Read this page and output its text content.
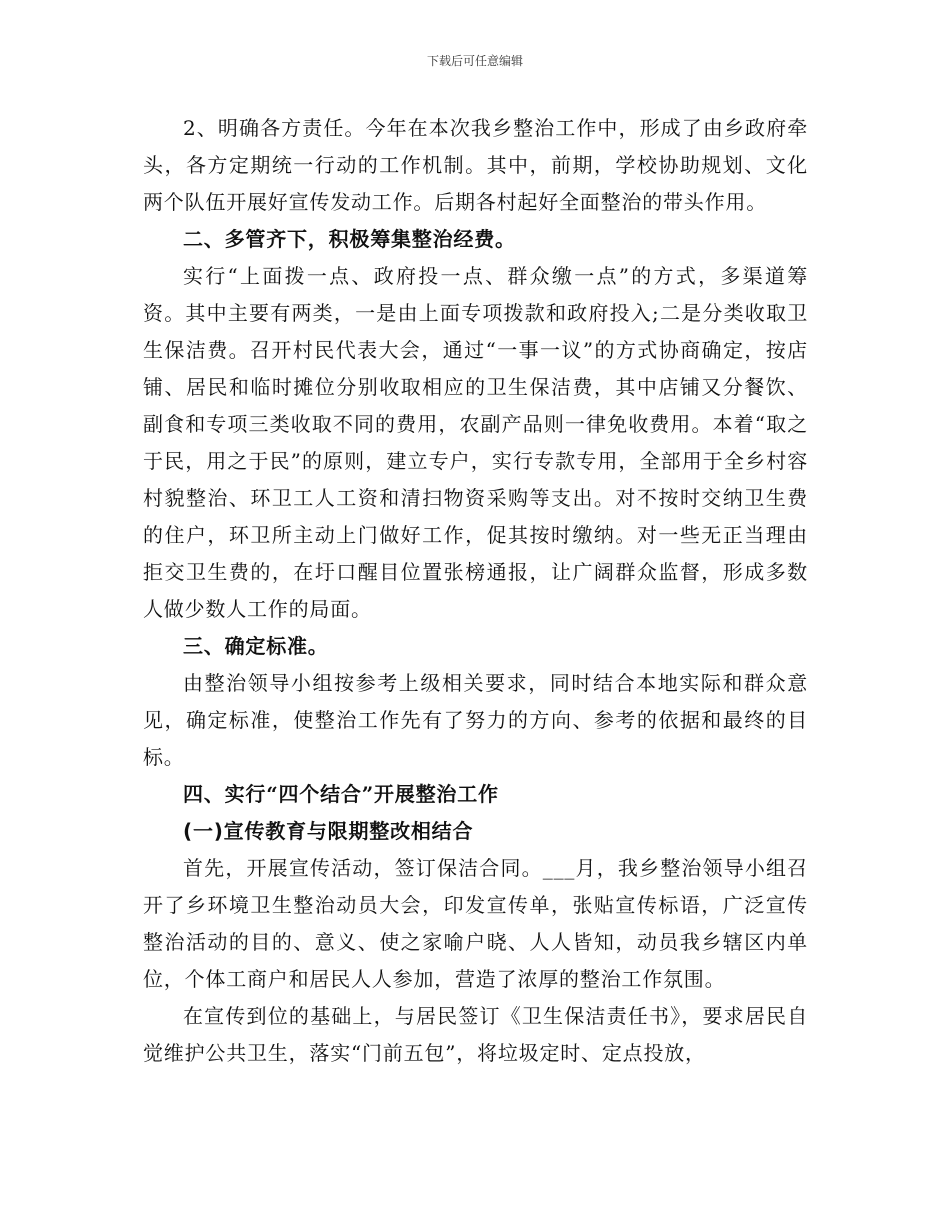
下载后可任意编辑

2、明确各方责任。今年在本次我乡整治工作中，形成了由乡政府牵头，各方定期统一行动的工作机制。其中，前期，学校协助规划、文化两个队伍开展好宣传发动工作。后期各村起好全面整治的带头作用。

二、多管齐下，积极筹集整治经费。

实行“上面拨一点、政府投一点、群众缴一点”的方式，多渠道筹资。其中主要有两类，一是由上面专项拨款和政府投入;二是分类收取卫生保洁费。召开村民代表大会，通过“一事一议”的方式协商确定，按店铺、居民和临时摊位分别收取相应的卫生保洁费，其中店铺又分餐饮、副食和专项三类收取不同的费用，农副产品则一律免收费用。本着“取之于民，用之于民”的原则，建立专户，实行专款专用，全部用于全乡村容村貌整治、环卫工人工资和清扫物资采购等支出。对不按时交纳卫生费的住户，环卫所主动上门做好工作，促其按时缴纳。对一些无正当理由拒交卫生费的，在圩口醒目位置张榜通报，让广阔群众监督，形成多数人做少数人工作的局面。

三、确定标准。

由整治领导小组按参考上级相关要求，同时结合本地实际和群众意见，确定标准，使整治工作先有了努力的方向、参考的依据和最终的目标。

四、实行“四个结合”开展整治工作

(一)宣传教育与限期整改相结合

首先，开展宣传活动，签订保洁合同。___月，我乡整治领导小组召开了乡环境卫生整治动员大会，印发宣传单，张贴宣传标语，广泛宣传整治活动的目的、意义、使之家喻户晓、人人皆知，动员我乡辖区内单位，个体工商户和居民人人参加，营造了浓厚的整治工作氛围。

在宣传到位的基础上，与居民签订《卫生保洁责任书》，要求居民自觉维护公共卫生，落实“门前五包”，将垃圾定时、定点投放，
